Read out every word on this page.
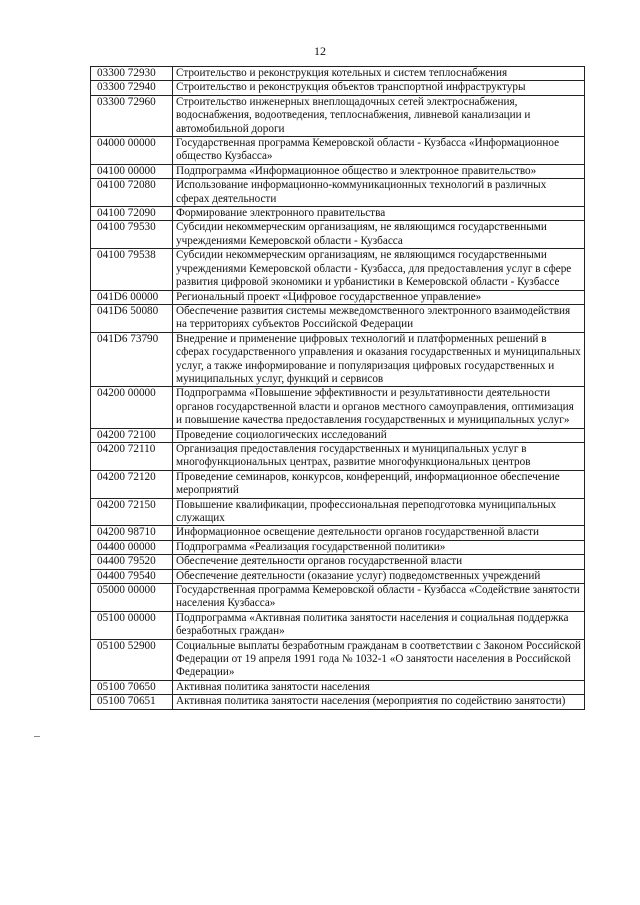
12
03300 72930	Строительство и реконструкция котельных и систем теплоснабжения
03300 72940	Строительство и реконструкция объектов транспортной инфраструктуры
03300 72960	Строительство инженерных внеплощадочных сетей электроснабжения, водоснабжения, водоотведения, теплоснабжения, ливневой канализации и автомобильной дороги
04000 00000	Государственная программа Кемеровской области - Кузбасса «Информационное общество Кузбасса»
04100 00000	Подпрограмма «Информационное общество и электронное правительство»
04100 72080	Использование информационно-коммуникационных технологий в различных сферах деятельности
04100 72090	Формирование электронного правительства
04100 79530	Субсидии некоммерческим организациям, не являющимся государственными учреждениями Кемеровской области - Кузбасса
04100 79538	Субсидии некоммерческим организациям, не являющимся государственными учреждениями Кемеровской области - Кузбасса, для предоставления услуг в сфере развития цифровой экономики и урбанистики в Кемеровской области - Кузбассе
041D6 00000	Региональный проект «Цифровое государственное управление»
041D6 50080	Обеспечение развития системы межведомственного электронного взаимодействия на территориях субъектов Российской Федерации
041D6 73790	Внедрение и применение цифровых технологий и платформенных решений в сферах государственного управления и оказания государственных и муниципальных услуг, а также информирование и популяризация цифровых государственных и муниципальных услуг, функций и сервисов
04200 00000	Подпрограмма «Повышение эффективности и результативности деятельности органов государственной власти и органов местного самоуправления, оптимизация и повышение качества предоставления государственных и муниципальных услуг»
04200 72100	Проведение социологических исследований
04200 72110	Организация предоставления государственных и муниципальных услуг в многофункциональных центрах, развитие многофункциональных центров
04200 72120	Проведение семинаров, конкурсов, конференций, информационное обеспечение мероприятий
04200 72150	Повышение квалификации, профессиональная переподготовка муниципальных служащих
04200 98710	Информационное освещение деятельности органов государственной власти
04400 00000	Подпрограмма «Реализация государственной политики»
04400 79520	Обеспечение деятельности органов государственной власти
04400 79540	Обеспечение деятельности (оказание услуг) подведомственных учреждений
05000 00000	Государственная программа Кемеровской области - Кузбасса «Содействие занятости населения Кузбасса»
05100 00000	Подпрограмма «Активная политика занятости населения и социальная поддержка безработных граждан»
05100 52900	Социальные выплаты безработным гражданам в соответствии с Законом Российской Федерации от 19 апреля 1991 года № 1032-1 «О занятости населения в Российской Федерации»
05100 70650	Активная политика занятости населения
05100 70651	Активная политика занятости населения (мероприятия по содействию занятости)
